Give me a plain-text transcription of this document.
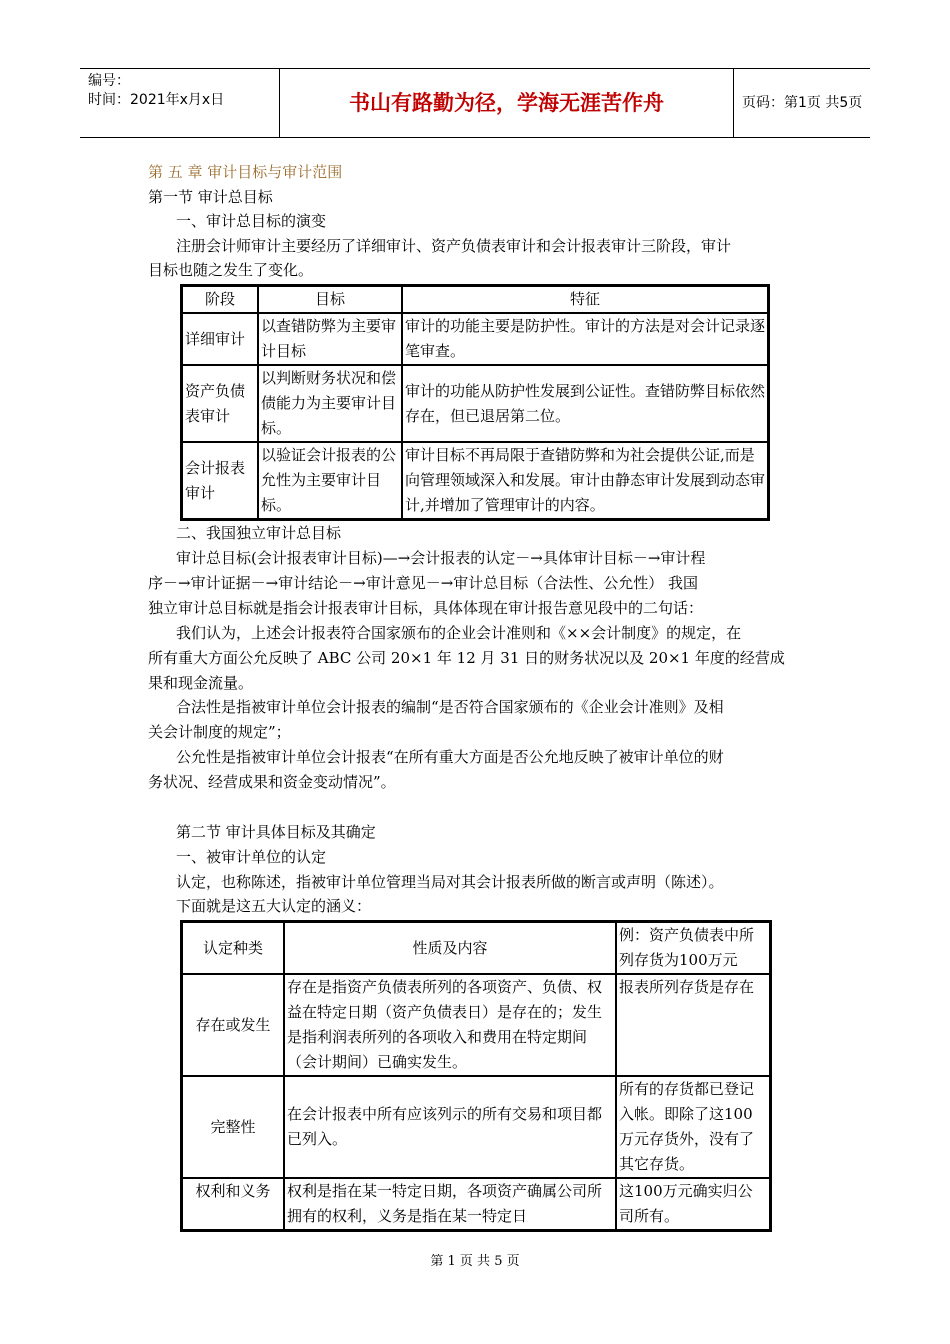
编号：
时间：2021年x月x日	书山有路勤为径，学海无涯苦作舟	页码：第1页 共5页
第 五 章 审计目标与审计范围
第一节 审计总目标
一、审计总目标的演变
注册会计师审计主要经历了详细审计、资产负债表审计和会计报表审计三阶段，审计
目标也随之发生了变化。
阶段	目标	特征
详细审计	以查错防弊为主要审计目标	审计的功能主要是防护性。审计的方法是对会计记录逐笔审查。
资产负债表审计	以判断财务状况和偿债能力为主要审计目标。	审计的功能从防护性发展到公证性。查错防弊目标依然存在，但已退居第二位。
会计报表审计	以验证会计报表的公允性为主要审计目标。	审计目标不再局限于查错防弊和为社会提供公证,而是向管理领域深入和发展。审计由静态审计发展到动态审计,并增加了管理审计的内容。
二、我国独立审计总目标
审计总目标(会计报表审计目标)—→会计报表的认定－→具体审计目标－→审计程
序－→审计证据－→审计结论－→审计意见－→审计总目标（合法性、公允性） 我国
独立审计总目标就是指会计报表审计目标，具体体现在审计报告意见段中的二句话：
我们认为，上述会计报表符合国家颁布的企业会计准则和《××会计制度》的规定，在
所有重大方面公允反映了 ABC 公司 20×1 年 12 月 31 日的财务状况以及 20×1 年度的经营成
果和现金流量。
合法性是指被审计单位会计报表的编制“是否符合国家颁布的《企业会计准则》及相
关会计制度的规定”；
公允性是指被审计单位会计报表“在所有重大方面是否公允地反映了被审计单位的财
务状况、经营成果和资金变动情况”。
第二节 审计具体目标及其确定
一、被审计单位的认定
认定，也称陈述，指被审计单位管理当局对其会计报表所做的断言或声明（陈述）。
下面就是这五大认定的涵义：
认定种类	性质及内容	例：资产负债表中所列存货为100万元
存在或发生	存在是指资产负债表所列的各项资产、负债、权益在特定日期（资产负债表日）是存在的；发生是指利润表所列的各项收入和费用在特定期间（会计期间）已确实发生。	报表所列存货是存在
完整性	在会计报表中所有应该列示的所有交易和项目都已列入。	所有的存货都已登记入帐。即除了这100万元存货外，没有了其它存货。
权利和义务	权利是指在某一特定日期，各项资产确属公司所拥有的权利，义务是指在某一特定日	这100万元确实归公司所有。
第 1 页 共 5 页
